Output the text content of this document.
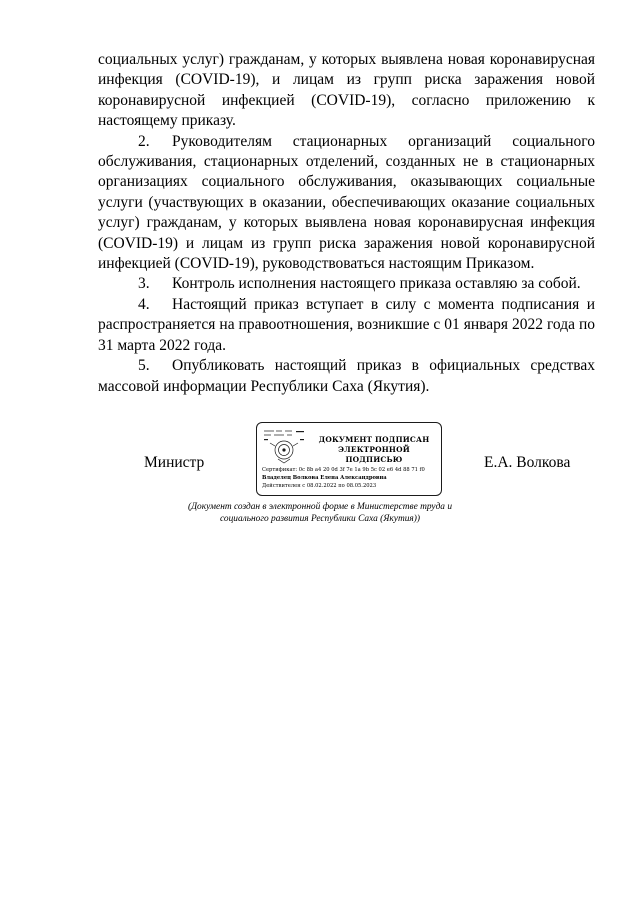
социальных услуг) гражданам, у которых выявлена новая коронавирусная инфекция (COVID-19), и лицам из групп риска заражения новой коронавирусной инфекцией (COVID-19), согласно приложению к настоящему приказу.

2. Руководителям стационарных организаций социального обслуживания, стационарных отделений, созданных не в стационарных организациях социального обслуживания, оказывающих социальные услуги (участвующих в оказании, обеспечивающих оказание социальных услуг) гражданам, у которых выявлена новая коронавирусная инфекция (COVID-19) и лицам из групп риска заражения новой коронавирусной инфекцией (COVID-19), руководствоваться настоящим Приказом.

3. Контроль исполнения настоящего приказа оставляю за собой.

4. Настоящий приказ вступает в силу с момента подписания и распространяется на правоотношения, возникшие с 01 января 2022 года по 31 марта 2022 года.

5. Опубликовать настоящий приказ в официальных средствах массовой информации Республики Саха (Якутия).

Министр
ДОКУМЕНТ ПОДПИСАН
ЭЛЕКТРОННОЙ ПОДПИСЬЮ
Сертификат: 0c 8b a4 20 0d 3f 7e 1a 9b 5c 02 e6 4d 88 71 f0
Владелец Волкова Елена Александровна
Действителен с 08.02.2022 по 08.05.2023
Е.А. Волкова
(Документ создан в электронной форме в Министерстве труда и
социального развития Республики Саха (Якутия))
